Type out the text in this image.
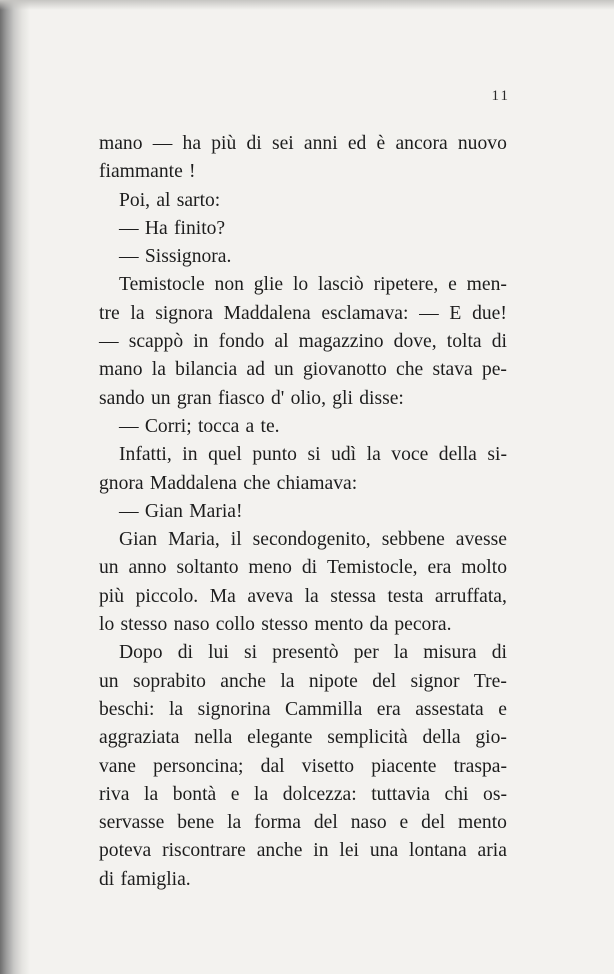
11
mano — ha più di sei anni ed è ancora nuovo
fiammante !
Poi, al sarto:
— Ha finito?
— Sissignora.
Temistocle non glie lo lasciò ripetere, e men-
tre la signora Maddalena esclamava: — E due!
— scappò in fondo al magazzino dove, tolta di
mano la bilancia ad un giovanotto che stava pe-
sando un gran fiasco d' olio, gli disse:
— Corri; tocca a te.
Infatti, in quel punto si udì la voce della si-
gnora Maddalena che chiamava:
— Gian Maria!
Gian Maria, il secondogenito, sebbene avesse
un anno soltanto meno di Temistocle, era molto
più piccolo. Ma aveva la stessa testa arruffata,
lo stesso naso collo stesso mento da pecora.
Dopo di lui si presentò per la misura di
un soprabito anche la nipote del signor Tre-
beschi: la signorina Cammilla era assestata e
aggraziata nella elegante semplicità della gio-
vane personcina; dal visetto piacente traspa-
riva la bontà e la dolcezza: tuttavia chi os-
servasse bene la forma del naso e del mento
poteva riscontrare anche in lei una lontana aria
di famiglia.
